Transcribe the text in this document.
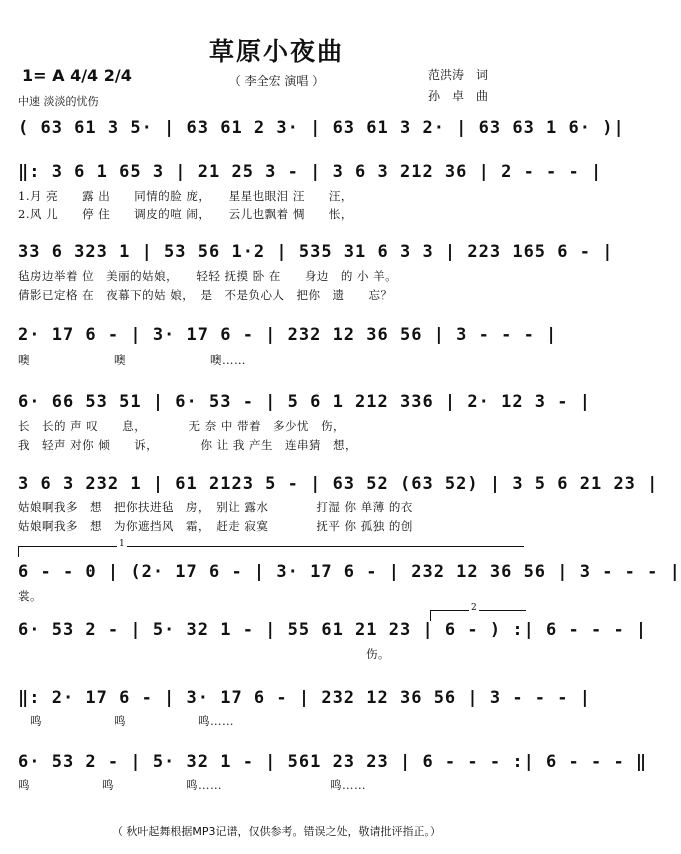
草原小夜曲
（ 李全宏 演唱 ）
1= A 4/4 2/4
中速 淡淡的忧伤
范洪涛　词
孙　卓　曲
( 63 61 3 5· | 63 61 2 3· | 63 61 3 2· | 63 63 1 6· )|
‖: 3 6 1 65 3 | 21 25 3 - | 3 6 3 212 36 | 2 - - - |
1.月 亮　　露 出　　同情的脸 庞，　　星星也眼泪 汪　　汪，
2.风 儿　　停 住　　调皮的喧 闹，　　云儿也飘着 惆　　怅，
33 6 323 1 | 53 56 1·2 | 535 31 6 3 3 | 223 165 6 - |
毡房边举着 位　美丽的姑娘，　　轻轻 抚摸 卧 在　　身边　的 小 羊。
倩影已定格 在　夜幕下的姑 娘，　是　不是负心人　把你　遗　　忘？
2· 17 6 - | 3· 17 6 - | 232 12 36 56 | 3 - - - |
噢　　　　　　　噢　　　　　　　噢……
6· 66 53 51 | 6· 53 - | 5 6 1 212 336 | 2· 12 3 - |
长　长的 声 叹　　息，　　　　无 奈 中 带着　多少忧　伤，
我　轻声 对你 倾　　诉，　　　　你 让 我 产生　连串猜　想，
3 6 3 232 1 | 61 2123 5 - | 63 52 (63 52) | 3 5 6 21 23 |
姑娘啊我多　想　把你扶进毡　房，　别让 露水　　　　打湿 你 单薄 的衣
姑娘啊我多　想　为你遮挡风　霜，　赶走 寂寞　　　　抚平 你 孤独 的创
1
6 - - 0 | (2· 17 6 - | 3· 17 6 - | 232 12 36 56 | 3 - - - |
裳。
2
6· 53 2 - | 5· 32 1 - | 55 61 21 23 | 6 - ) :| 6 - - - |
　　　　　　　　　　　　　　　　　　　　　　　　　　　　　伤。
‖: 2· 17 6 - | 3· 17 6 - | 232 12 36 56 | 3 - - - |
　鸣　　　　　　鸣　　　　　　鸣……
6· 53 2 - | 5· 32 1 - | 561 23 23 | 6 - - - :| 6 - - - ‖
鸣　　　　　　鸣　　　　　　鸣……　　　　　　　　　鸣……
（ 秋叶起舞根据MP3记谱，仅供参考。错误之处，敬请批评指正。）
